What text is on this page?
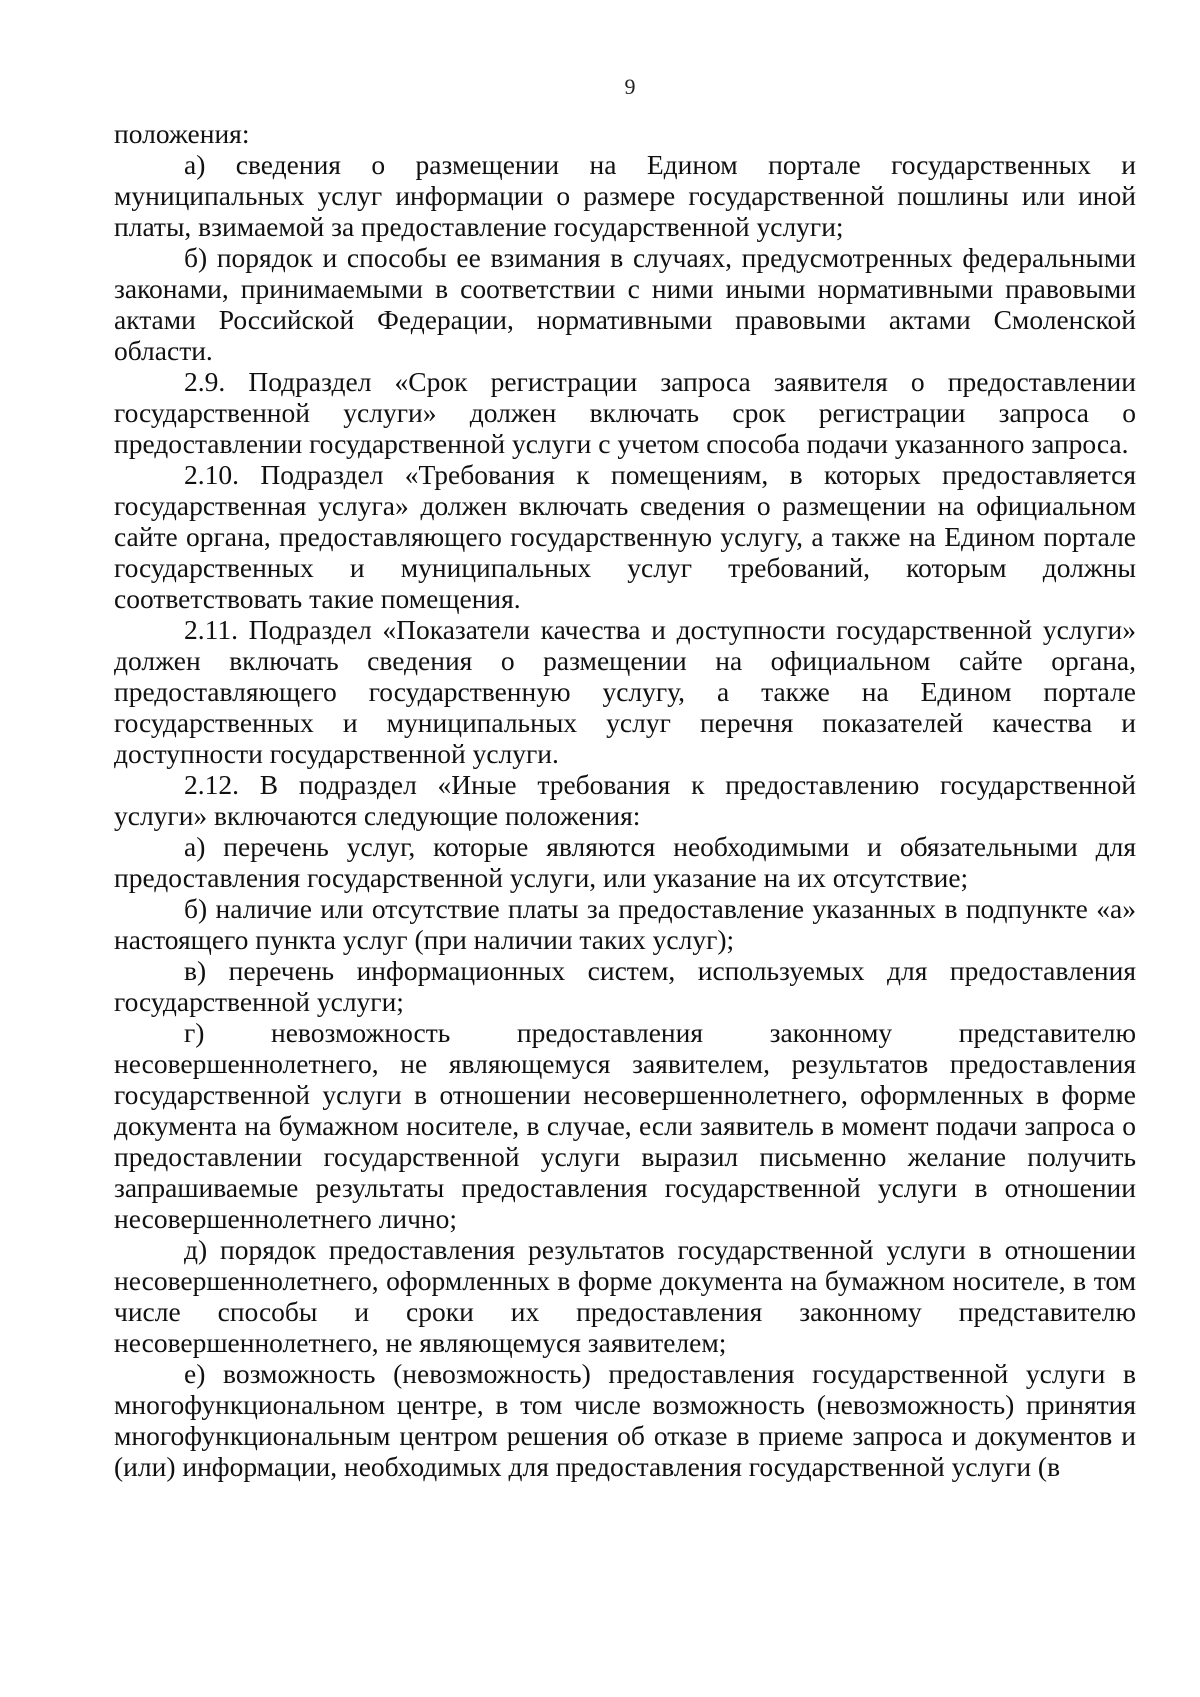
9

положения:

а) сведения о размещении на Едином портале государственных и муниципальных услуг информации о размере государственной пошлины или иной платы, взимаемой за предоставление государственной услуги;

б) порядок и способы ее взимания в случаях, предусмотренных федеральными законами, принимаемыми в соответствии с ними иными нормативными правовыми актами Российской Федерации, нормативными правовыми актами Смоленской области.

2.9. Подраздел «Срок регистрации запроса заявителя о предоставлении государственной услуги» должен включать срок регистрации запроса о предоставлении государственной услуги с учетом способа подачи указанного запроса.

2.10. Подраздел «Требования к помещениям, в которых предоставляется государственная услуга» должен включать сведения о размещении на официальном сайте органа, предоставляющего государственную услугу, а также на Едином портале государственных и муниципальных услуг требований, которым должны соответствовать такие помещения.

2.11. Подраздел «Показатели качества и доступности государственной услуги» должен включать сведения о размещении на официальном сайте органа, предоставляющего государственную услугу, а также на Едином портале государственных и муниципальных услуг перечня показателей качества и доступности государственной услуги.

2.12. В подраздел «Иные требования к предоставлению государственной услуги» включаются следующие положения:

а) перечень услуг, которые являются необходимыми и обязательными для предоставления государственной услуги, или указание на их отсутствие;

б) наличие или отсутствие платы за предоставление указанных в подпункте «а» настоящего пункта услуг (при наличии таких услуг);

в) перечень информационных систем, используемых для предоставления государственной услуги;

г) невозможность предоставления законному представителю несовершеннолетнего, не являющемуся заявителем, результатов предоставления государственной услуги в отношении несовершеннолетнего, оформленных в форме документа на бумажном носителе, в случае, если заявитель в момент подачи запроса о предоставлении государственной услуги выразил письменно желание получить запрашиваемые результаты предоставления государственной услуги в отношении несовершеннолетнего лично;

д) порядок предоставления результатов государственной услуги в отношении несовершеннолетнего, оформленных в форме документа на бумажном носителе, в том числе способы и сроки их предоставления законному представителю несовершеннолетнего, не являющемуся заявителем;

е) возможность (невозможность) предоставления государственной услуги в многофункциональном центре, в том числе возможность (невозможность) принятия многофункциональным центром решения об отказе в приеме запроса и документов и (или) информации, необходимых для предоставления государственной услуги (в
